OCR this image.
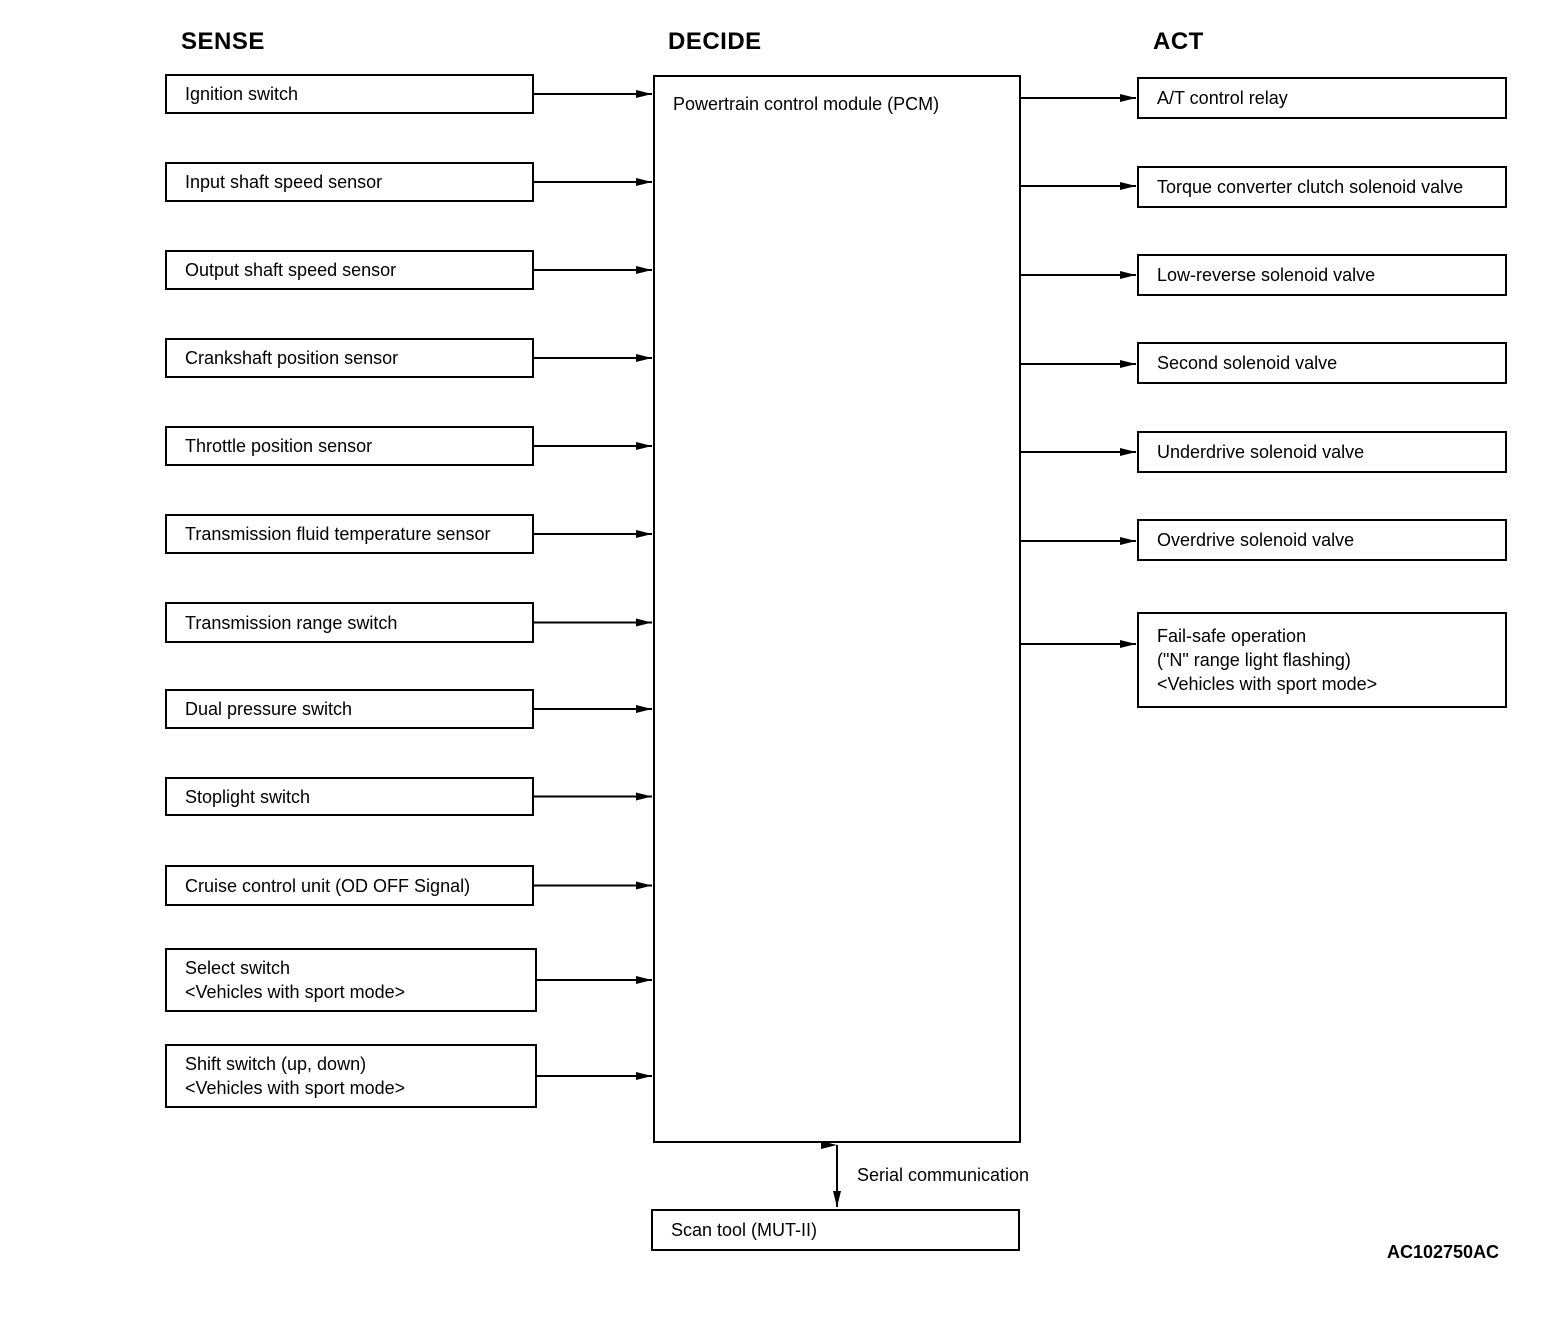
SENSE	DECIDE	ACT
Ignition switch
Input shaft speed sensor
Output shaft speed sensor
Crankshaft position sensor
Throttle position sensor
Transmission fluid temperature sensor
Transmission range switch
Dual pressure switch
Stoplight switch
Cruise control unit (OD OFF Signal)
Select switch
<Vehicles with sport mode>
Shift switch (up, down)
<Vehicles with sport mode>
Powertrain control module (PCM)	A/T control relay
Torque converter clutch solenoid valve
Low-reverse solenoid valve
Second solenoid valve
Underdrive solenoid valve
Overdrive solenoid valve
Fail-safe operation
("N" range light flashing)
<Vehicles with sport mode>
Serial communication
Scan tool (MUT-II)
AC102750AC
